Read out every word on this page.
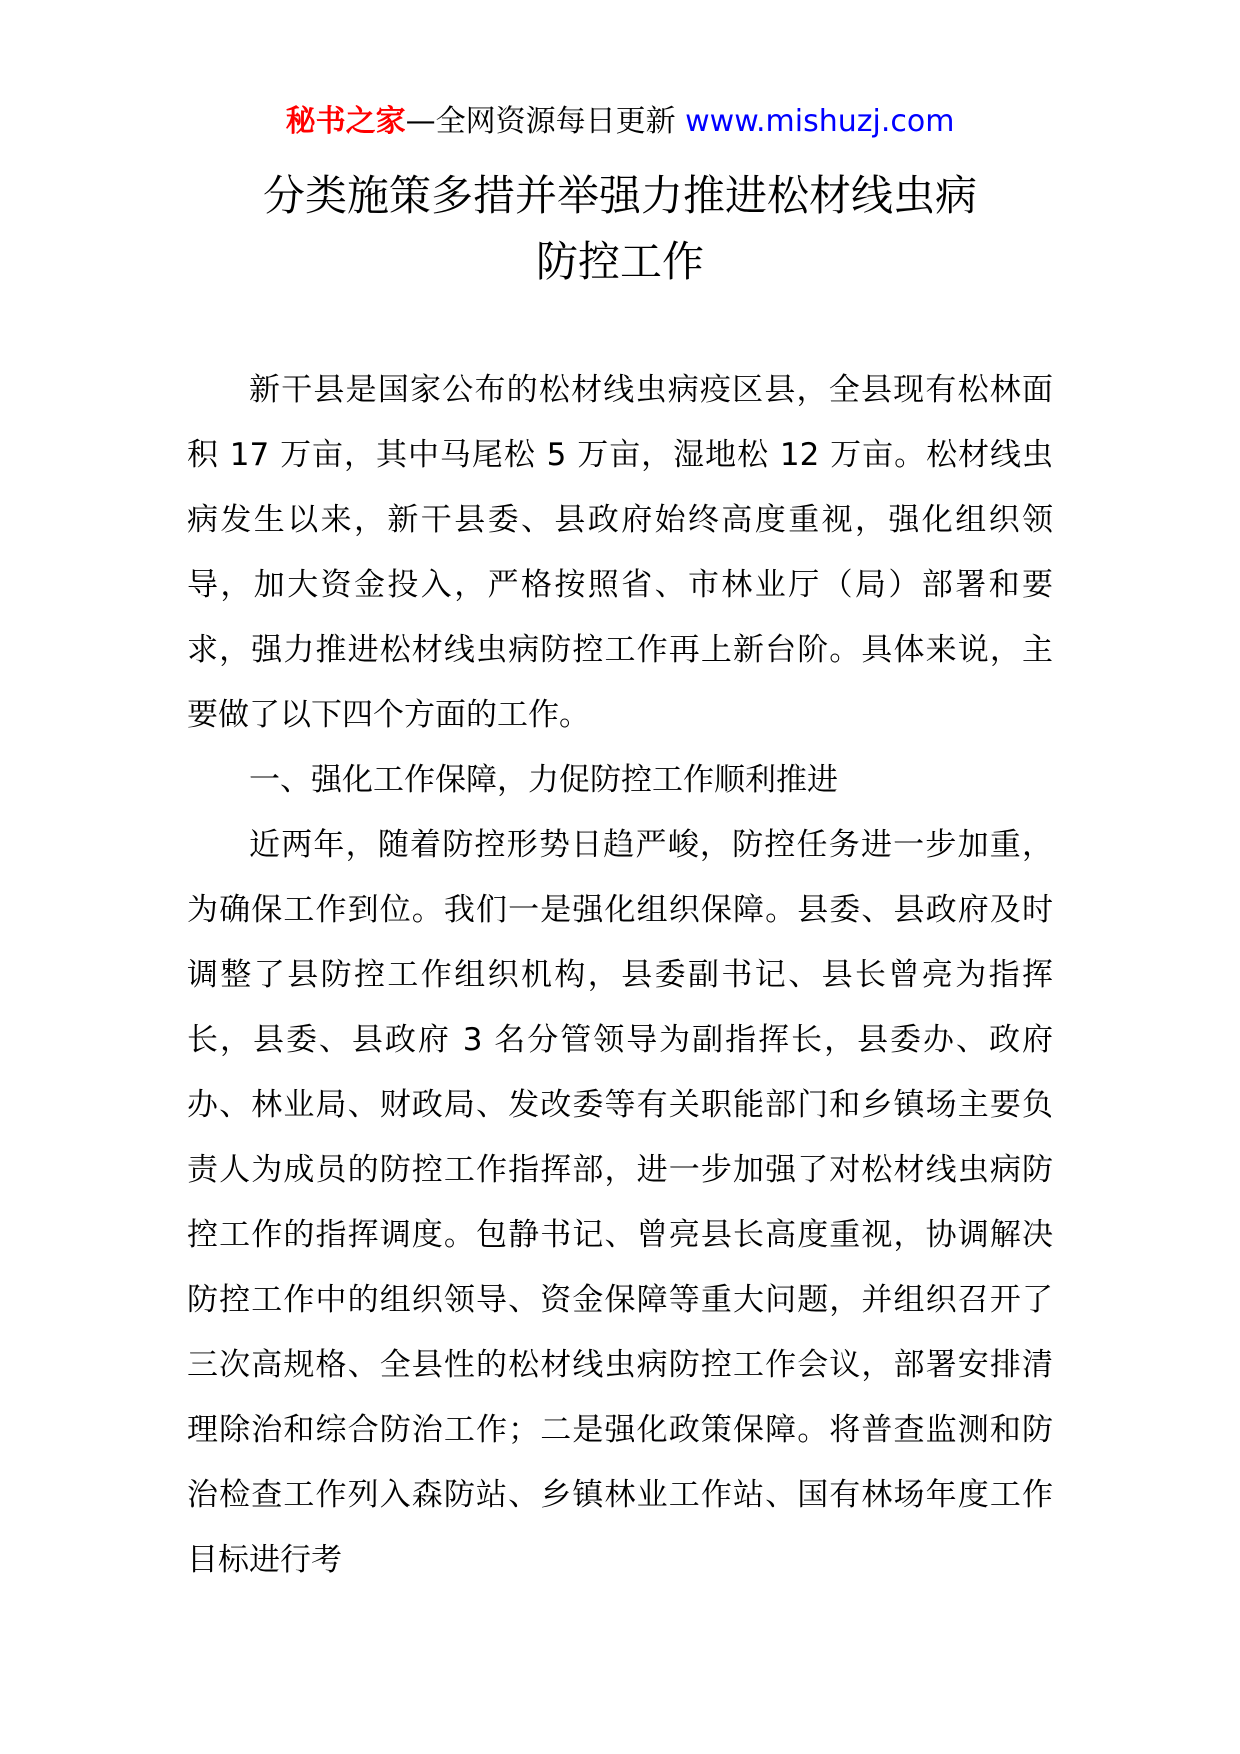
秘书之家—全网资源每日更新 www.mishuzj.com
分类施策多措并举强力推进松材线虫病
防控工作

新干县是国家公布的松材线虫病疫区县，全县现有松林面积 17 万亩，其中马尾松 5 万亩，湿地松 12 万亩。松材线虫病发生以来，新干县委、县政府始终高度重视，强化组织领导，加大资金投入，严格按照省、市林业厅（局）部署和要求，强力推进松材线虫病防控工作再上新台阶。具体来说，主要做了以下四个方面的工作。

一、强化工作保障，力促防控工作顺利推进

近两年，随着防控形势日趋严峻，防控任务进一步加重，为确保工作到位。我们一是强化组织保障。县委、县政府及时调整了县防控工作组织机构，县委副书记、县长曾亮为指挥长，县委、县政府 3 名分管领导为副指挥长，县委办、政府办、林业局、财政局、发改委等有关职能部门和乡镇场主要负责人为成员的防控工作指挥部，进一步加强了对松材线虫病防控工作的指挥调度。包静书记、曾亮县长高度重视，协调解决防控工作中的组织领导、资金保障等重大问题，并组织召开了三次高规格、全县性的松材线虫病防控工作会议，部署安排清理除治和综合防治工作；二是强化政策保障。将普查监测和防治检查工作列入森防站、乡镇林业工作站、国有林场年度工作目标进行考
